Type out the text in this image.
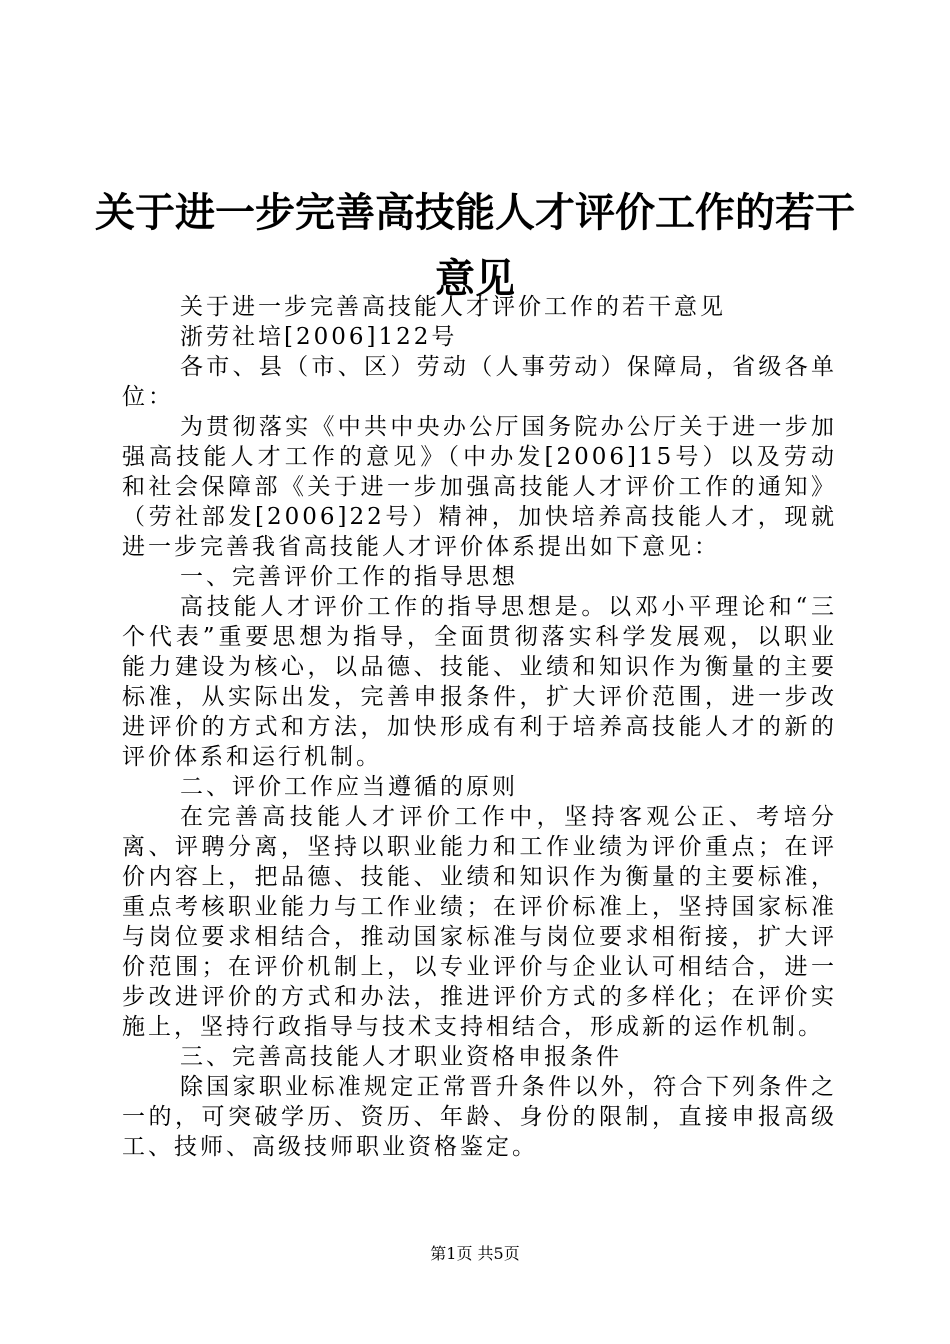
关于进一步完善高技能人才评价工作的若干意见

关于进一步完善高技能人才评价工作的若干意见

浙劳社培[2006]122号

各市、县（市、区）劳动（人事劳动）保障局，省级各单位：

为贯彻落实《中共中央办公厅国务院办公厅关于进一步加强高技能人才工作的意见》（中办发[2006]15号）以及劳动和社会保障部《关于进一步加强高技能人才评价工作的通知》（劳社部发[2006]22号）精神，加快培养高技能人才，现就进一步完善我省高技能人才评价体系提出如下意见：

一、完善评价工作的指导思想

高技能人才评价工作的指导思想是。以邓小平理论和“三个代表”重要思想为指导，全面贯彻落实科学发展观，以职业能力建设为核心，以品德、技能、业绩和知识作为衡量的主要标准，从实际出发，完善申报条件，扩大评价范围，进一步改进评价的方式和方法，加快形成有利于培养高技能人才的新的评价体系和运行机制。

二、评价工作应当遵循的原则

在完善高技能人才评价工作中，坚持客观公正、考培分离、评聘分离，坚持以职业能力和工作业绩为评价重点；在评价内容上，把品德、技能、业绩和知识作为衡量的主要标准，重点考核职业能力与工作业绩；在评价标准上，坚持国家标准与岗位要求相结合，推动国家标准与岗位要求相衔接，扩大评价范围；在评价机制上，以专业评价与企业认可相结合，进一步改进评价的方式和办法，推进评价方式的多样化；在评价实施上，坚持行政指导与技术支持相结合，形成新的运作机制。

三、完善高技能人才职业资格申报条件

除国家职业标准规定正常晋升条件以外，符合下列条件之一的，可突破学历、资历、年龄、身份的限制，直接申报高级工、技师、高级技师职业资格鉴定。

第1页 共5页
